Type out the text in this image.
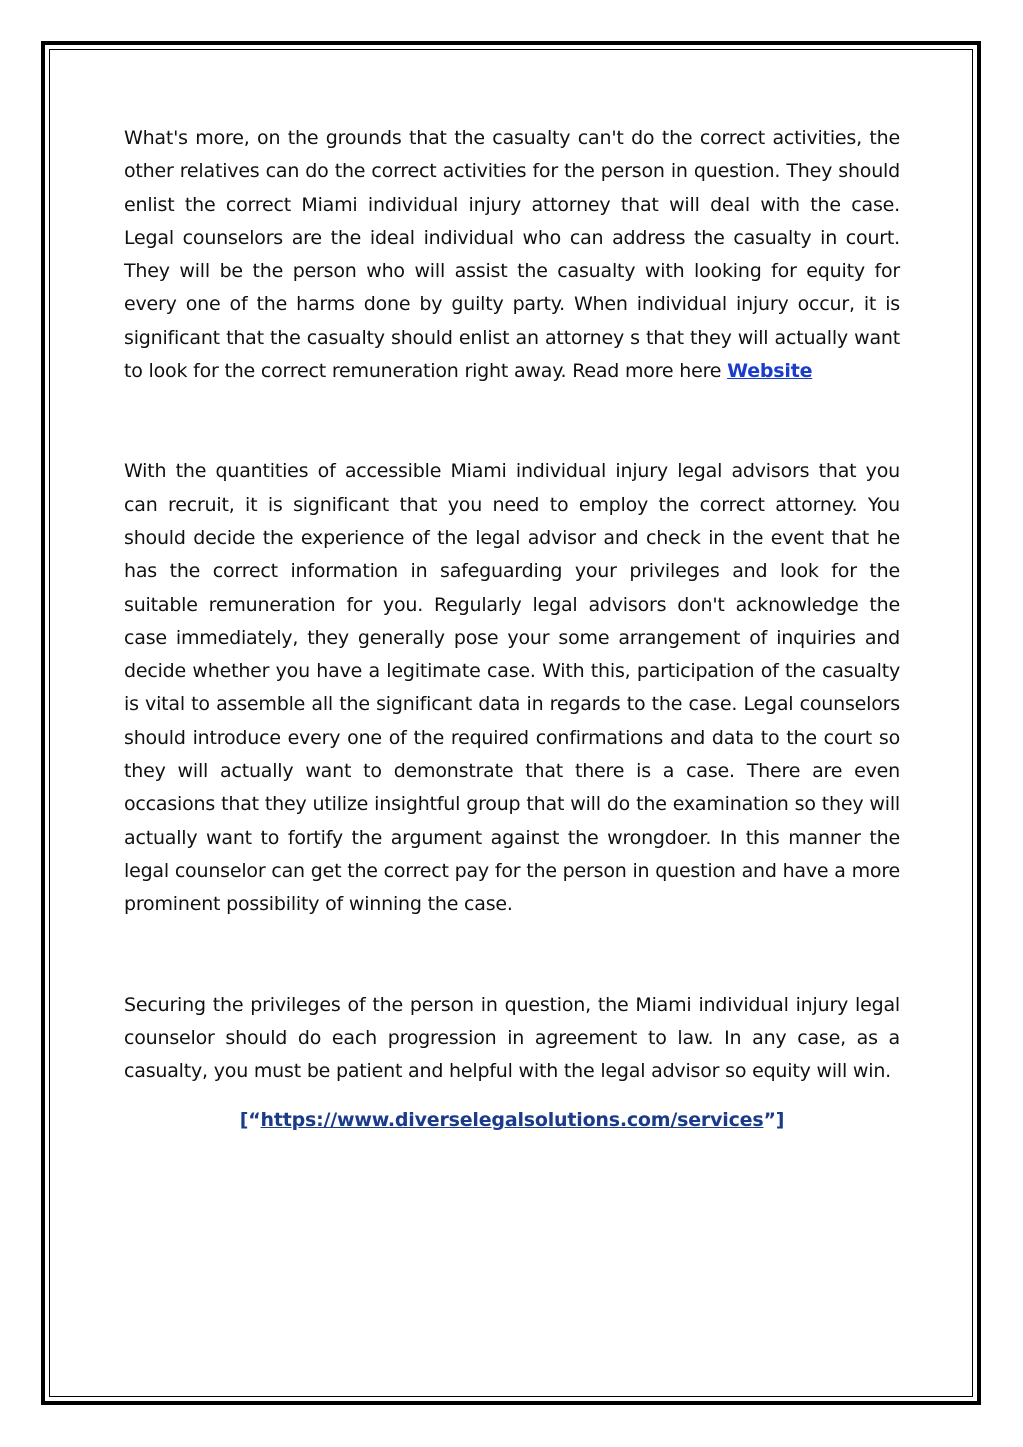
What's more, on the grounds that the casualty can't do the correct activities, the other relatives can do the correct activities for the person in question. They should enlist the correct Miami individual injury attorney that will deal with the case. Legal counselors are the ideal individual who can address the casualty in court. They will be the person who will assist the casualty with looking for equity for every one of the harms done by guilty party. When individual injury occur, it is significant that the casualty should enlist an attorney s that they will actually want to look for the correct remuneration right away. Read more here Website

With the quantities of accessible Miami individual injury legal advisors that you can recruit, it is significant that you need to employ the correct attorney. You should decide the experience of the legal advisor and check in the event that he has the correct information in safeguarding your privileges and look for the suitable remuneration for you. Regularly legal advisors don't acknowledge the case immediately, they generally pose your some arrangement of inquiries and decide whether you have a legitimate case. With this, participation of the casualty is vital to assemble all the significant data in regards to the case. Legal counselors should introduce every one of the required confirmations and data to the court so they will actually want to demonstrate that there is a case. There are even occasions that they utilize insightful group that will do the examination so they will actually want to fortify the argument against the wrongdoer. In this manner the legal counselor can get the correct pay for the person in question and have a more prominent possibility of winning the case.

Securing the privileges of the person in question, the Miami individual injury legal counselor should do each progression in agreement to law. In any case, as a casualty, you must be patient and helpful with the legal advisor so equity will win.

[“https://www.diverselegalsolutions.com/services”]
